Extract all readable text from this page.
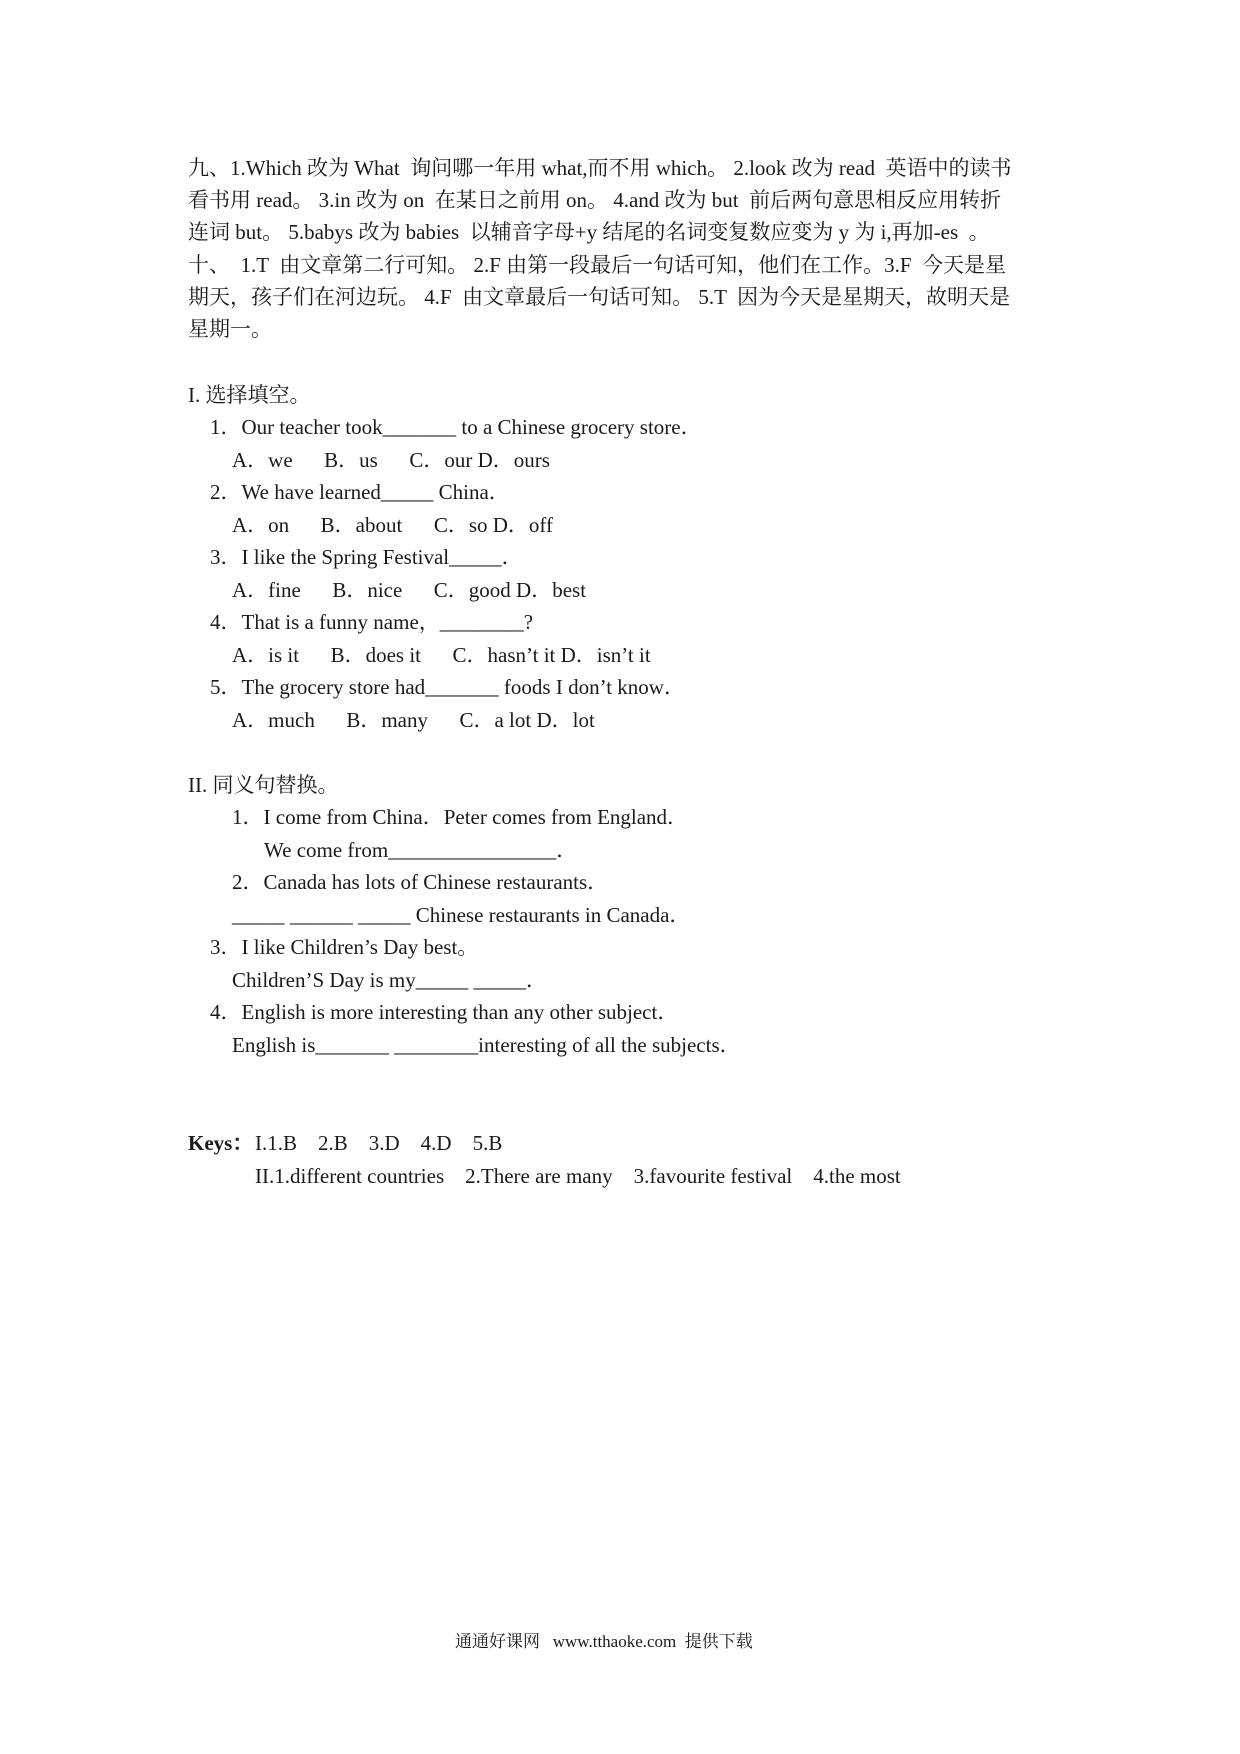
九、1.Which 改为 What  询问哪一年用 what,而不用 which。 2.look 改为 read  英语中的读书
看书用 read。 3.in 改为 on  在某日之前用 on。 4.and 改为 but  前后两句意思相反应用转折
连词 but。 5.babys 改为 babies  以辅音字母+y 结尾的名词变复数应变为 y 为 i,再加-es  。
十、  1.T  由文章第二行可知。 2.F 由第一段最后一句话可知，他们在工作。3.F  今天是星
期天，孩子们在河边玩。 4.F  由文章最后一句话可知。 5.T  因为今天是星期天，故明天是
星期一。
I. 选择填空。
1．Our teacher took_______ to a Chinese grocery store．
A．we      B．us      C．our D．ours
2．We have learned_____ China．
A．on      B．about      C．so D．off
3．I like the Spring Festival_____．
A．fine      B．nice      C．good D．best
4．That is a funny name，________?
A．is it      B．does it      C．hasn’t it D．isn’t it
5．The grocery store had_______ foods I don’t know．
A．much      B．many      C．a lot D．lot
II. 同义句替换。
1．I come from China．Peter comes from England．
We come from________________．
2．Canada has lots of Chinese restaurants．
_____ ______ _____ Chinese restaurants in Canada．
3．I like Children’s Day best。
Children’S Day is my_____ _____．
4．English is more interesting than any other subject．
English is_______ ________interesting of all the subjects．
Keys： I.1.B    2.B    3.D    4.D    5.B
II.1.different countries    2.There are many    3.favourite festival    4.the most
通通好课网   www.tthaoke.com  提供下载
